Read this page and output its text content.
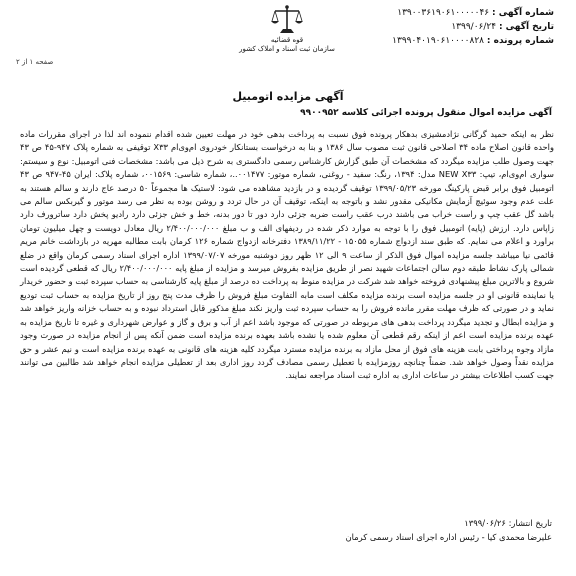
قوه قضائیه
سازمان ثبت اسناد و املاک کشور
شماره آگهی : ۱۳۹۰۰۳۶۱۹۰۶۱۰۰۰۰۰۴۶
تاریخ آگهی : ۱۳۹۹/۰۶/۲۴
شماره پرونده : ۱۳۹۹۰۴۰۱۹۰۶۱۰۰۰۰۸۲۸
صفحه ۱ از ۲
آگهی مزایده اتومبیل
آگهی مزایده اموال منقول پرونده اجرائی کلاسه ۹۹۰۰۹۵۲
نظر به اینکه حمید گرگانی نژادمشیزی بدهکار پرونده فوق نسبت به پرداخت بدهی خود در مهلت تعیین شده اقدام ننموده اند لذا در اجرای مقررات ماده واحده قانون اصلاح ماده ۳۴ اصلاحی قانون ثبت مصوب سال ۱۳۸۶ و بنا به درخواست بستانکار خودروی ام‌وی‌ام X۳۳ توقیفی به شماره پلاک ۹۴۷-۴۵ ص ۴۳ جهت وصول طلب مزایده میگردد که مشخصات آن طبق گزارش کارشناس رسمی دادگستری به شرح ذیل می باشد: مشخصات فنی اتومبیل: نوع و سیستم: سواری ام‌وی‌ام، تیپ: NEW X۳۳ مدل: ۱۳۹۴، رنگ: سفید - روغنی، شماره موتور: ۰۰۱۴۷۷..، شماره شاسی: ۰۰۱۵۶۹، شماره پلاک: ایران ۴۵-۹۴۷ ص ۴۳ اتومبیل فوق برابر قبض پارکینگ مورخه ۱۳۹۹/۰۵/۲۳ توقیف گردیده و در بازدید مشاهده می شود: لاستیک ها مجموعاً ۵۰ درصد عاج دارند و سالم هستند به علت عدم وجود سوئیچ آزمایش مکانیکی مقدور نشد و باتوجه به اینکه، توقیف آن در حال تردد و روشن بوده به نظر می رسد موتور و گیربکس سالم می باشد گل عقب چپ و راست خراب می باشند درب عقب راست ضربه جزئی دارد دور تا دور بدنه، خط و خش جزئی دارد رادیو پخش دارد ساترورف دارد زاپاس دارد. ارزش (پایه) اتومبیل فوق را با توجه به موارد ذکر شده در ردیفهای الف و ب مبلغ ۲/۴۰۰/۰۰۰/۰۰۰ ریال معادل دویست و چهل میلیون تومان براورد و اعلام می نمایم. که طبق سند ازدواج شماره ۱۵۰۵۵ - ۱۳۸۹/۱۱/۲۲ دفترخانه ازدواج شماره ۱۲۶ کرمان بابت مطالبه مهریه در بازداشت خانم مریم قائمی نیا میباشد جلسه مزایده اموال فوق الذکر از ساعت ۹ الی ۱۲ ظهر روز دوشنبه مورخه ۱۳۹۹/۰۷/۰۷ اداره اجرای اسناد رسمی کرمان واقع در ضلع شمالی پارک نشاط طبقه دوم سالن اجتماعات شهید نصر از طریق مزایده بفروش میرسد و مزایده از مبلغ پایه ۲/۴۰۰/۰۰۰/۰۰۰ ریال که قطعی گردیده است شروع و بالاترین مبلغ پیشنهادی فروخته خواهد شد شرکت در مزایده منوط به پرداخت ده درصد از مبلغ پایه کارشناسی به حساب سپرده ثبت و حضور خریدار یا نماینده قانونی او در جلسه مزایده است برنده مزایده مکلف است مابه التفاوت مبلغ فروش را ظرف مدت پنج روز از تاریخ مزایده به حساب ثبت تودیع نماید و در صورتی که ظرف مهلت مقرر مانده فروش را به حساب سپرده ثبت واریز نکند مبلغ مذکور قابل استرداد نبوده و به حساب خزانه واریز خواهد شد و مزایده ابطال و تجدید میگردد پرداخت بدهی های مربوطه در صورتی که موجود باشد اعم از آب و برق و گاز و عوارض شهرداری و غیره تا تاریخ مزایده به عهده برنده مزایده است اعم از اینکه رقم قطعی آن معلوم شده یا نشده باشد بعهده برنده مزایده است ضمن آنکه پس از انجام مزایده در صورت وجود مازاد وجوه پرداختی بابت هزینه های فوق از محل مازاد به برنده مزایده مسترد میگردد کلیه هزینه های قانونی به عهده برنده مزایده است و نیم عشر و حق مزایده نقداً وصول خواهد شد. ضمناً چنانچه روزمزایده با تعطیل رسمی مصادف گردد روز اداری بعد از تعطیلی مزایده انجام خواهد شد طالبین می توانند جهت کسب اطلاعات بیشتر در ساعات اداری به اداره ثبت اسناد مراجعه نمایند.
تاریخ انتشار: ۱۳۹۹/۰۶/۲۶
علیرضا محمدی کیا - رئیس اداره اجرای اسناد رسمی کرمان
